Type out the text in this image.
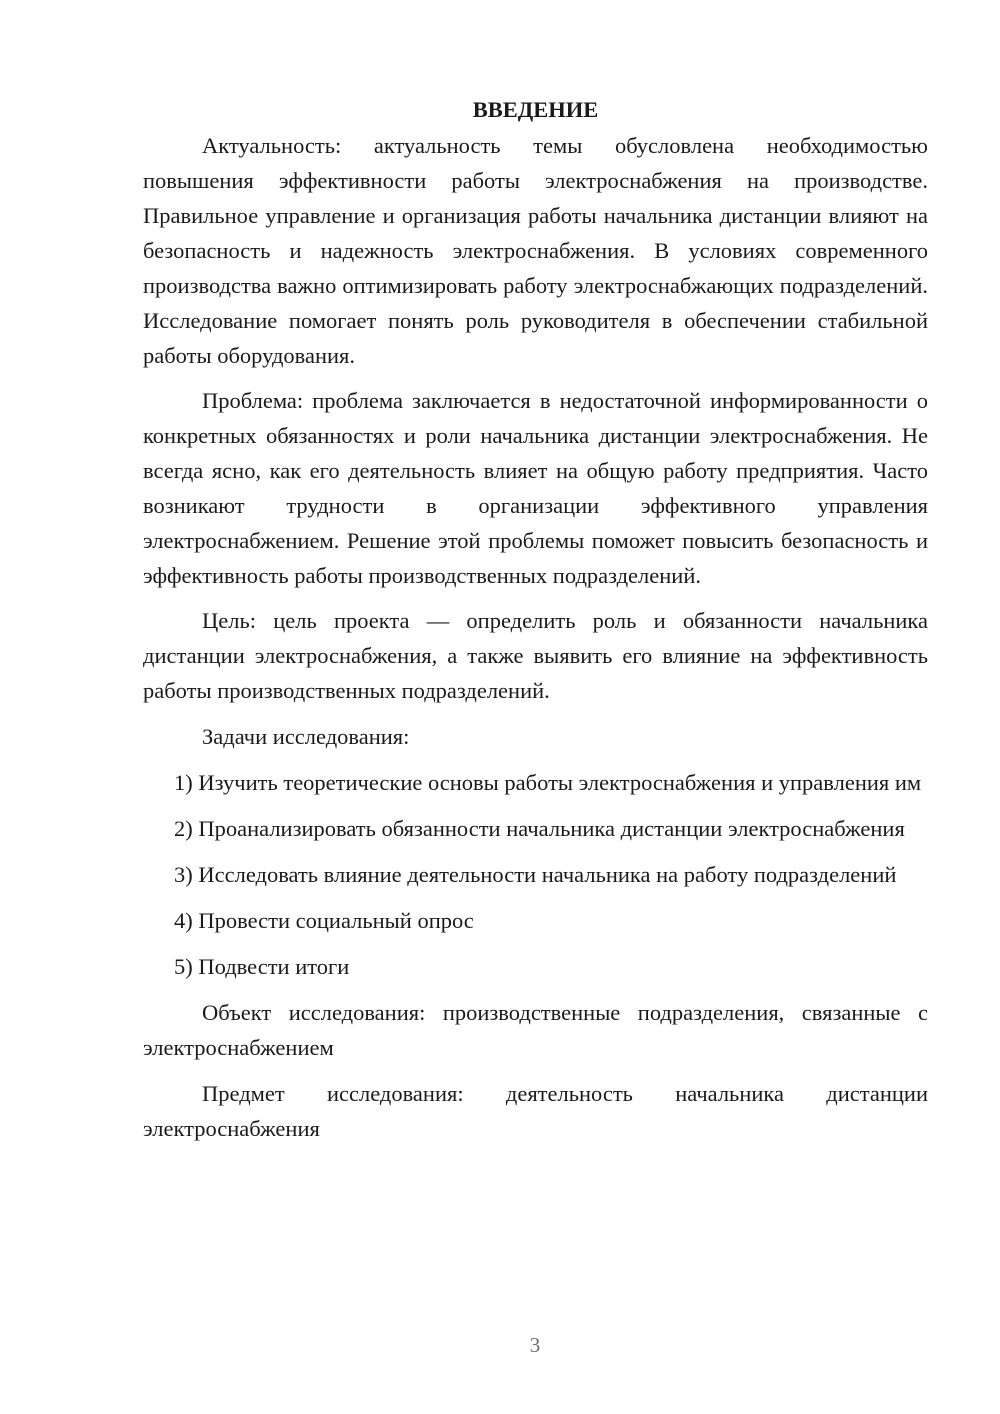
ВВЕДЕНИЕ

Актуальность: актуальность темы обусловлена необходимостью повышения эффективности работы электроснабжения на производстве. Правильное управление и организация работы начальника дистанции влияют на безопасность и надежность электроснабжения. В условиях современного производства важно оптимизировать работу электроснабжающих подразделений. Исследование помогает понять роль руководителя в обеспечении стабильной работы оборудования.

Проблема: проблема заключается в недостаточной информированности о конкретных обязанностях и роли начальника дистанции электроснабжения. Не всегда ясно, как его деятельность влияет на общую работу предприятия. Часто возникают трудности в организации эффективного управления электроснабжением. Решение этой проблемы поможет повысить безопасность и эффективность работы производственных подразделений.

Цель: цель проекта — определить роль и обязанности начальника дистанции электроснабжения, а также выявить его влияние на эффективность работы производственных подразделений.

Задачи исследования:

1) Изучить теоретические основы работы электроснабжения и управления им

2) Проанализировать обязанности начальника дистанции электроснабжения

3) Исследовать влияние деятельности начальника на работу подразделений

4) Провести социальный опрос

5) Подвести итоги

Объект исследования: производственные подразделения, связанные с электроснабжением

Предмет исследования: деятельность начальника дистанции электроснабжения

3
